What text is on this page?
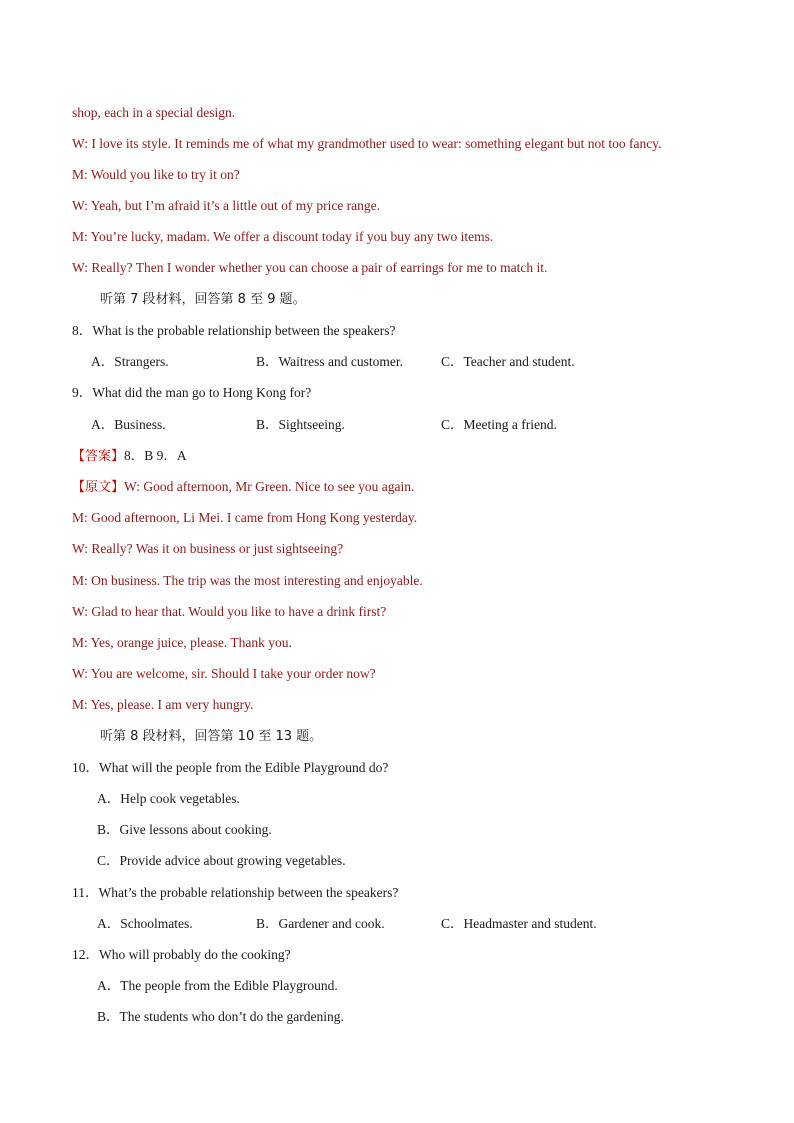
shop, each in a special design.
W: I love its style. It reminds me of what my grandmother used to wear: something elegant but not too fancy.
M: Would you like to try it on?
W: Yeah, but I’m afraid it’s a little out of my price range.
M: You’re lucky, madam. We offer a discount today if you buy any two items.
W: Really? Then I wonder whether you can choose a pair of earrings for me to match it.
听第 7 段材料，回答第 8 至 9 题。
8．What is the probable relationship between the speakers?
A．Strangers.	B．Waitress and customer.	C．Teacher and student.
9．What did the man go to Hong Kong for?
A．Business.	B．Sightseeing.	C．Meeting a friend.
【答案】8．B 9．A
【原文】W: Good afternoon, Mr Green. Nice to see you again.
M: Good afternoon, Li Mei. I came from Hong Kong yesterday.
W: Really? Was it on business or just sightseeing?
M: On business. The trip was the most interesting and enjoyable.
W: Glad to hear that. Would you like to have a drink first?
M: Yes, orange juice, please. Thank you.
W: You are welcome, sir. Should I take your order now?
M: Yes, please. I am very hungry.
听第 8 段材料，回答第 10 至 13 题。
10．What will the people from the Edible Playground do?
A．Help cook vegetables.
B．Give lessons about cooking.
C．Provide advice about growing vegetables.
11．What’s the probable relationship between the speakers?
A．Schoolmates.	B．Gardener and cook.	C．Headmaster and student.
12．Who will probably do the cooking?
A．The people from the Edible Playground.
B．The students who don’t do the gardening.
